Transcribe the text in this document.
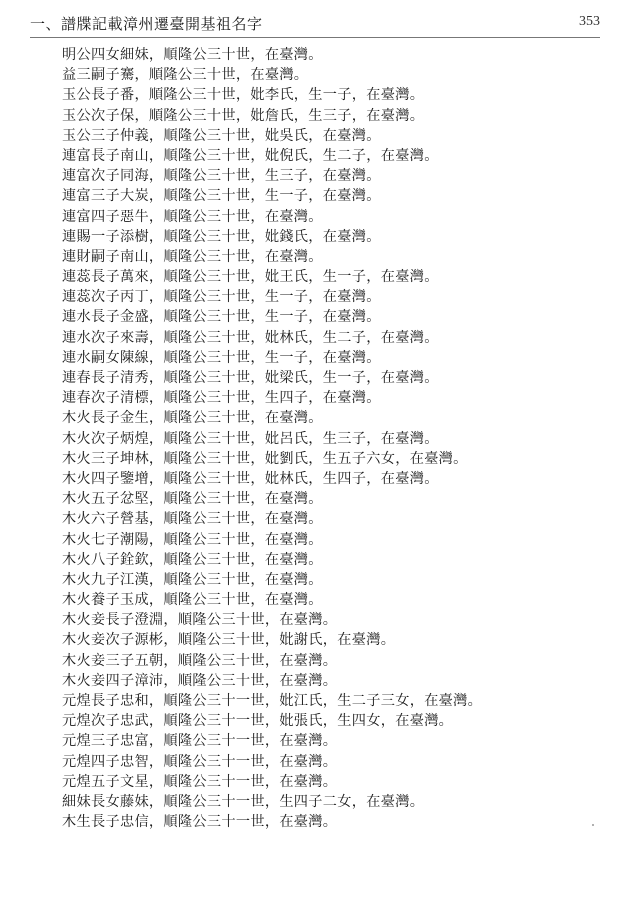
一、譜牒記載漳州遷臺開基祖名字	353
明公四女細妹，順隆公三十世，在臺灣。
益三嗣子騫，順隆公三十世，在臺灣。
玉公長子番，順隆公三十世，妣李氏，生一子，在臺灣。
玉公次子保，順隆公三十世，妣詹氏，生三子，在臺灣。
玉公三子仲義，順隆公三十世，妣吳氏，在臺灣。
連富長子南山，順隆公三十世，妣倪氏，生二子，在臺灣。
連富次子同海，順隆公三十世，生三子，在臺灣。
連富三子大炭，順隆公三十世，生一子，在臺灣。
連富四子惡牛，順隆公三十世，在臺灣。
連賜一子添樹，順隆公三十世，妣錢氏，在臺灣。
連財嗣子南山，順隆公三十世，在臺灣。
連蕊長子萬來，順隆公三十世，妣王氏，生一子，在臺灣。
連蕊次子丙丁，順隆公三十世，生一子，在臺灣。
連水長子金盛，順隆公三十世，生一子，在臺灣。
連水次子來壽，順隆公三十世，妣林氏，生二子，在臺灣。
連水嗣女陳線，順隆公三十世，生一子，在臺灣。
連春長子清秀，順隆公三十世，妣梁氏，生一子，在臺灣。
連春次子清標，順隆公三十世，生四子，在臺灣。
木火長子金生，順隆公三十世，在臺灣。
木火次子炳煌，順隆公三十世，妣呂氏，生三子，在臺灣。
木火三子坤林，順隆公三十世，妣劉氏，生五子六女，在臺灣。
木火四子鑒增，順隆公三十世，妣林氏，生四子，在臺灣。
木火五子忿堅，順隆公三十世，在臺灣。
木火六子營基，順隆公三十世，在臺灣。
木火七子潮陽，順隆公三十世，在臺灣。
木火八子銓欽，順隆公三十世，在臺灣。
木火九子江漢，順隆公三十世，在臺灣。
木火養子玉成，順隆公三十世，在臺灣。
木火妾長子澄淵，順隆公三十世，在臺灣。
木火妾次子源彬，順隆公三十世，妣謝氏，在臺灣。
木火妾三子五朝，順隆公三十世，在臺灣。
木火妾四子漳沛，順隆公三十世，在臺灣。
元煌長子忠和，順隆公三十一世，妣江氏，生二子三女，在臺灣。
元煌次子忠武，順隆公三十一世，妣張氏，生四女，在臺灣。
元煌三子忠富，順隆公三十一世，在臺灣。
元煌四子忠智，順隆公三十一世，在臺灣。
元煌五子文星，順隆公三十一世，在臺灣。
細妹長女藤妹，順隆公三十一世，生四子二女，在臺灣。
木生長子忠信，順隆公三十一世，在臺灣。
